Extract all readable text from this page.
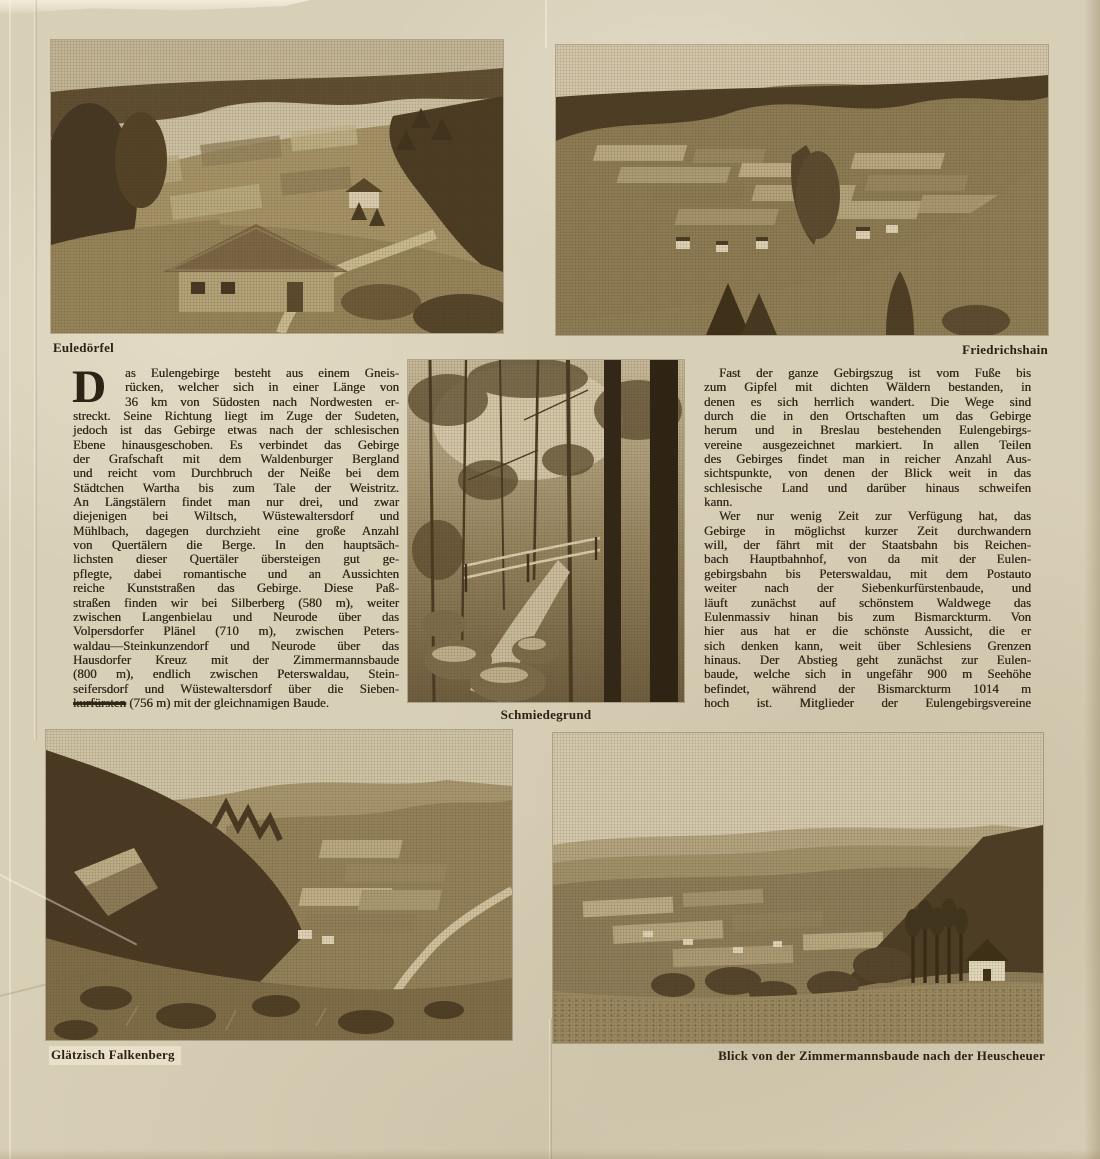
Euledörfel	Friedrichshain
Schmiedegrund
D	as Eulengebirge besteht aus einem Gneis-
rücken, welcher sich in einer Länge von
36 km von Südosten nach Nordwesten er-
streckt. Seine Richtung liegt im Zuge der Sudeten,
jedoch ist das Gebirge etwas nach der schlesischen
Ebene hinausgeschoben. Es verbindet das Gebirge
der Grafschaft mit dem Waldenburger Bergland
und reicht vom Durchbruch der Neiße bei dem
Städtchen Wartha bis zum Tale der Weistritz.
An Längstälern findet man nur drei, und zwar
diejenigen bei Wiltsch, Wüstewaltersdorf und
Mühlbach, dagegen durchzieht eine große Anzahl
von Quertälern die Berge. In den hauptsäch-
lichsten dieser Quertäler übersteigen gut ge-
pflegte, dabei romantische und an Aussichten
reiche Kunststraßen das Gebirge. Diese Paß-
straßen finden wir bei Silberberg (580 m), weiter
zwischen Langenbielau und Neurode über das
Volpersdorfer Plänel (710 m), zwischen Peters-
waldau—Steinkunzendorf und Neurode über das
Hausdorfer Kreuz mit der Zimmermannsbaude
(800 m), endlich zwischen Peterswaldau, Stein-
seifersdorf und Wüstewaltersdorf über die Sieben-
kurfürsten (756 m) mit der gleichnamigen Baude.
Fast der ganze Gebirgszug ist vom Fuße bis
zum Gipfel mit dichten Wäldern bestanden, in
denen es sich herrlich wandert. Die Wege sind
durch die in den Ortschaften um das Gebirge
herum und in Breslau bestehenden Eulengebirgs-
vereine ausgezeichnet markiert. In allen Teilen
des Gebirges findet man in reicher Anzahl Aus-
sichtspunkte, von denen der Blick weit in das
schlesische Land und darüber hinaus schweifen
kann.
Wer nur wenig Zeit zur Verfügung hat, das
Gebirge in möglichst kurzer Zeit durchwandern
will, der fährt mit der Staatsbahn bis Reichen-
bach Hauptbahnhof, von da mit der Eulen-
gebirgsbahn bis Peterswaldau, mit dem Postauto
weiter nach der Siebenkurfürstenbaude, und
läuft zunächst auf schönstem Waldwege das
Eulenmassiv hinan bis zum Bismarckturm. Von
hier aus hat er die schönste Aussicht, die er
sich denken kann, weit über Schlesiens Grenzen
hinaus. Der Abstieg geht zunächst zur Eulen-
baude, welche sich in ungefähr 900 m Seehöhe
befindet, während der Bismarckturm 1014 m
hoch ist. Mitglieder der Eulengebirgsvereine
Glätzisch Falkenberg	Blick von der Zimmermannsbaude nach der Heuscheuer
